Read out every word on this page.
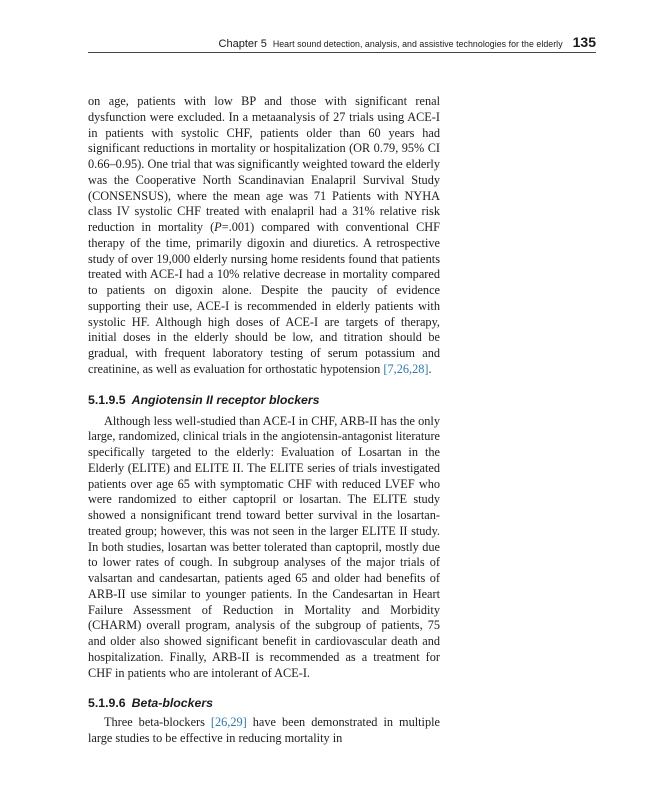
Chapter 5 Heart sound detection, analysis, and assistive technologies for the elderly 135

on age, patients with low BP and those with significant renal dysfunction were excluded. In a metaanalysis of 27 trials using ACE-I in patients with systolic CHF, patients older than 60 years had significant reductions in mortality or hospitalization (OR 0.79, 95% CI 0.66–0.95). One trial that was significantly weighted toward the elderly was the Cooperative North Scandinavian Enalapril Survival Study (CONSENSUS), where the mean age was 71 Patients with NYHA class IV systolic CHF treated with enalapril had a 31% relative risk reduction in mortality (P=.001) compared with conventional CHF therapy of the time, primarily digoxin and diuretics. A retrospective study of over 19,000 elderly nursing home residents found that patients treated with ACE-I had a 10% relative decrease in mortality compared to patients on digoxin alone. Despite the paucity of evidence supporting their use, ACE-I is recommended in elderly patients with systolic HF. Although high doses of ACE-I are targets of therapy, initial doses in the elderly should be low, and titration should be gradual, with frequent laboratory testing of serum potassium and creatinine, as well as evaluation for orthostatic hypotension [7,26,28].

5.1.9.5 Angiotensin II receptor blockers

Although less well-studied than ACE-I in CHF, ARB-II has the only large, randomized, clinical trials in the angiotensin-antagonist literature specifically targeted to the elderly: Evaluation of Losartan in the Elderly (ELITE) and ELITE II. The ELITE series of trials investigated patients over age 65 with symptomatic CHF with reduced LVEF who were randomized to either captopril or losartan. The ELITE study showed a nonsignificant trend toward better survival in the losartan-treated group; however, this was not seen in the larger ELITE II study. In both studies, losartan was better tolerated than captopril, mostly due to lower rates of cough. In subgroup analyses of the major trials of valsartan and candesartan, patients aged 65 and older had benefits of ARB-II use similar to younger patients. In the Candesartan in Heart Failure Assessment of Reduction in Mortality and Morbidity (CHARM) overall program, analysis of the subgroup of patients, 75 and older also showed significant benefit in cardiovascular death and hospitalization. Finally, ARB-II is recommended as a treatment for CHF in patients who are intolerant of ACE-I.

5.1.9.6 Beta-blockers

Three beta-blockers [26,29] have been demonstrated in multiple large studies to be effective in reducing mortality in
